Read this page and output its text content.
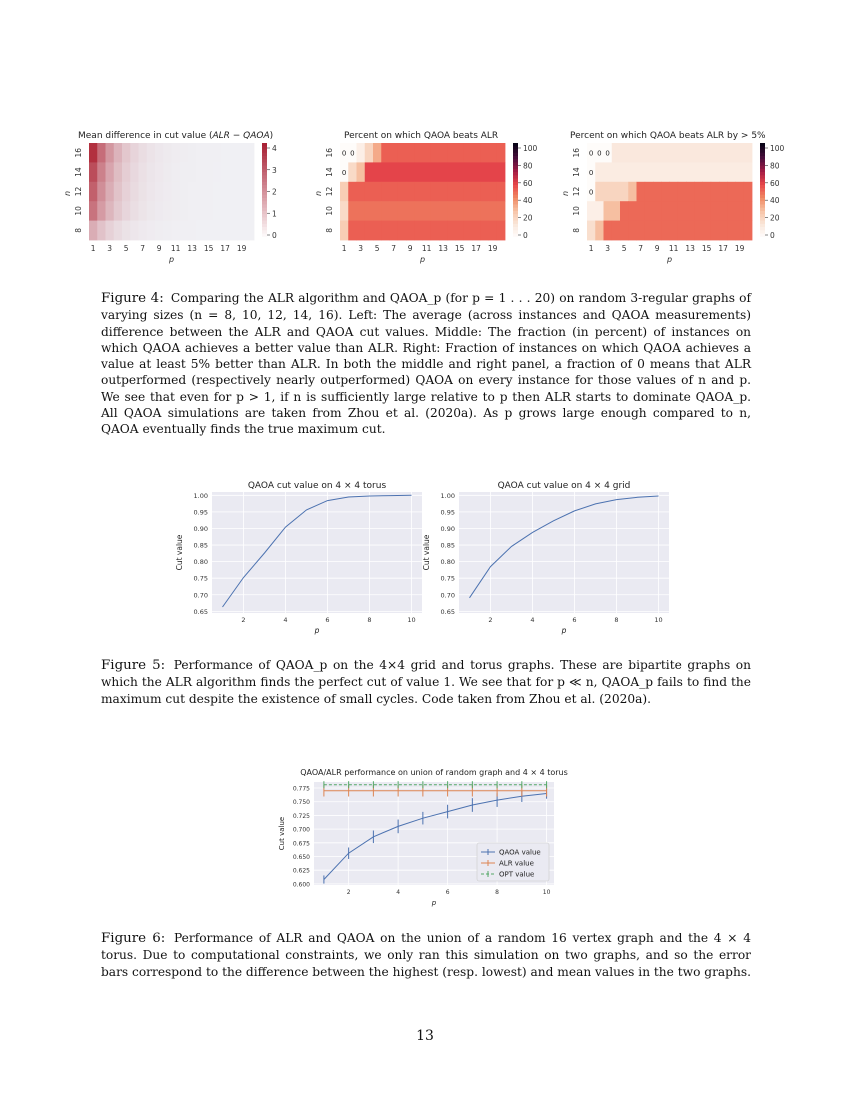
Mean difference in cut value (ALR − QAOA)
4
3
2
1
0
16
14
12
10
8
n
1 3 5 7 9 11 13 15 17 19
p
Percent on which QAOA beats ALR
100
80
60
40
20
0
16
14
12
10
8
n
1 3 5 7 9 11 13 15 17 19
p
0 0
0
Percent on which QAOA beats ALR by > 5%
100
80
60
40
20
0
16
14
12
10
8
n
1 3 5 7 9 11 13 15 17 19
p
0 0 0
0
0
Figure 4: Comparing the ALR algorithm and QAOA_p (for p = 1 . . . 20) on random 3-regular graphs of varying sizes (n = 8, 10, 12, 14, 16). Left: The average (across instances and QAOA measurements) difference between the ALR and QAOA cut values. Middle: The fraction (in percent) of instances on which QAOA achieves a better value than ALR. Right: Fraction of instances on which QAOA achieves a value at least 5% better than ALR. In both the middle and right panel, a fraction of 0 means that ALR outperformed (respectively nearly outperformed) QAOA on every instance for those values of n and p. We see that even for p > 1, if n is sufficiently large relative to p then ALR starts to dominate QAOA_p. All QAOA simulations are taken from Zhou et al. (2020a). As p grows large enough compared to n, QAOA eventually finds the true maximum cut.
QAOA cut value on 4 × 4 torus
0.65
0.70
0.75
0.80
0.85
0.90
0.95
1.00
2	4	6	8	10
p
Cut value
QAOA cut value on 4 × 4 grid
0.65
0.70
0.75
0.80
0.85
0.90
0.95
1.00
2	4	6	8	10
p
Cut value
Figure 5: Performance of QAOA_p on the 4×4 grid and torus graphs. These are bipartite graphs on which the ALR algorithm finds the perfect cut of value 1. We see that for p ≪ n, QAOA_p fails to find the maximum cut despite the existence of small cycles. Code taken from Zhou et al. (2020a).
QAOA/ALR performance on union of random graph and 4 × 4 torus
0.600
0.625
0.650
0.675
0.700
0.725
0.750
0.775
2	4	6	8	10
p
Cut value
QAOA value
ALR value
OPT value
Figure 6: Performance of ALR and QAOA on the union of a random 16 vertex graph and the 4 × 4 torus. Due to computational constraints, we only ran this simulation on two graphs, and so the error bars correspond to the difference between the highest (resp. lowest) and mean values in the two graphs.
13
